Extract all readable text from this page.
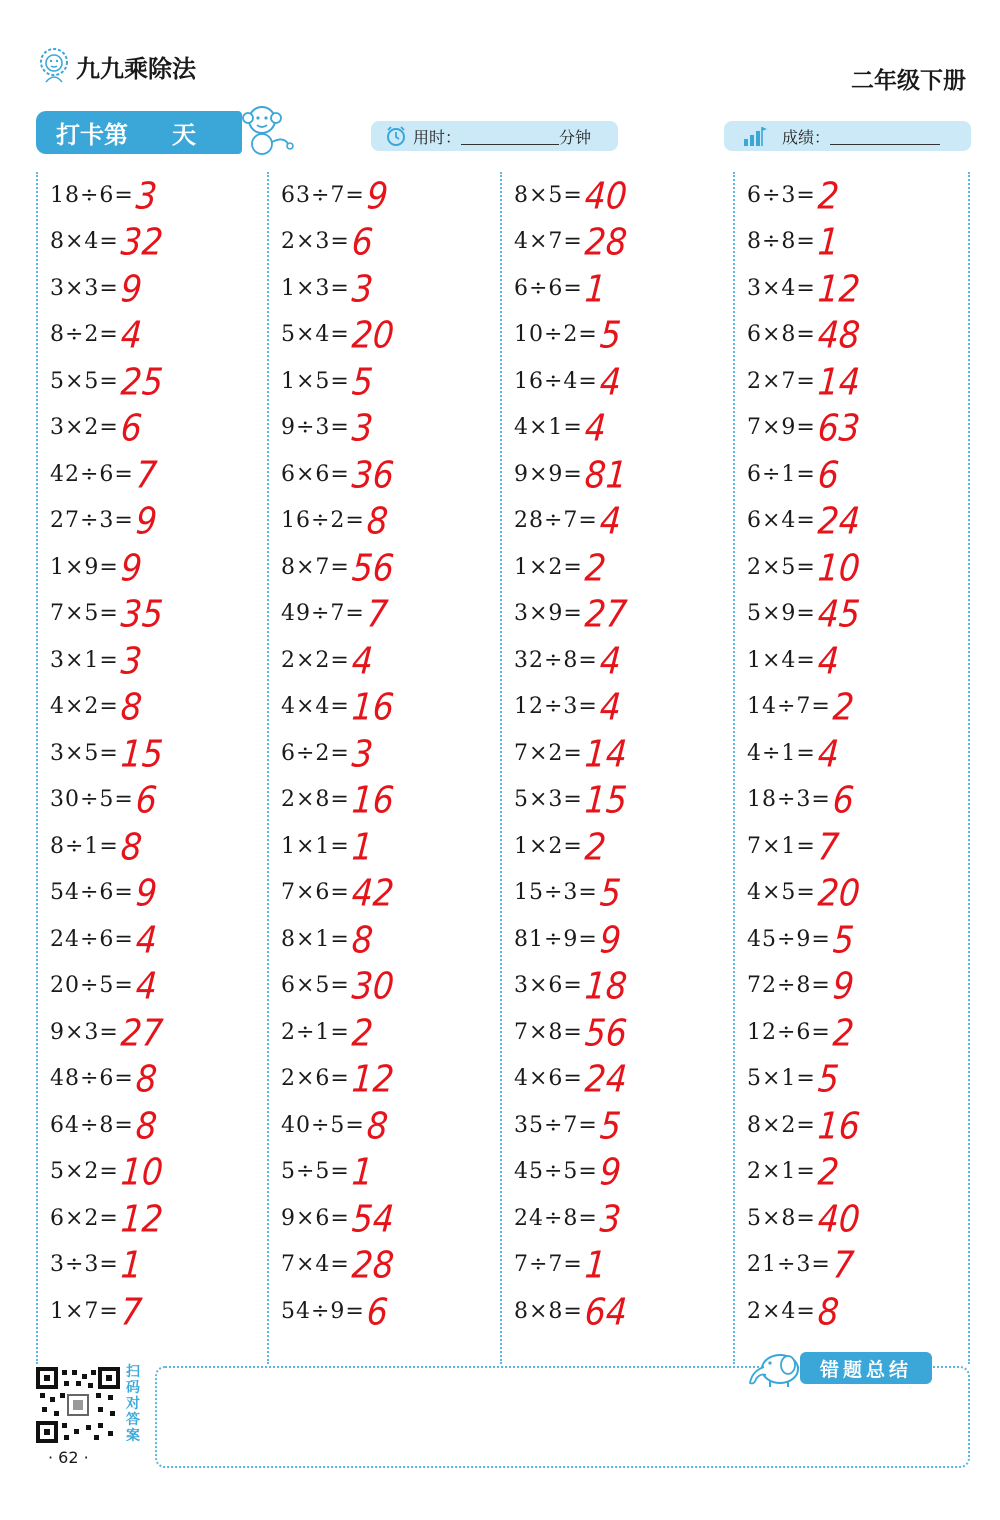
九九乘除法	二年级下册
打卡第 天	用时：	分钟	成绩：
18÷6= 3
8×4= 32
3×3= 9
8÷2= 4
5×5= 25
3×2= 6
42÷6= 7
27÷3= 9
1×9= 9
7×5= 35
3×1= 3
4×2= 8
3×5= 15
30÷5= 6
8÷1= 8
54÷6= 9
24÷6= 4
20÷5= 4
9×3= 27
48÷6= 8
64÷8= 8
5×2= 10
6×2= 12
3÷3= 1
1×7= 7
63÷7= 9
2×3= 6
1×3= 3
5×4= 20
1×5= 5
9÷3= 3
6×6= 36
16÷2= 8
8×7= 56
49÷7= 7
2×2= 4
4×4= 16
6÷2= 3
2×8= 16
1×1= 1
7×6= 42
8×1= 8
6×5= 30
2÷1= 2
2×6= 12
40÷5= 8
5÷5= 1
9×6= 54
7×4= 28
54÷9= 6
8×5= 40
4×7= 28
6÷6= 1
10÷2= 5
16÷4= 4
4×1= 4
9×9= 81
28÷7= 4
1×2= 2
3×9= 27
32÷8= 4
12÷3= 4
7×2= 14
5×3= 15
1×2= 2
15÷3= 5
81÷9= 9
3×6= 18
7×8= 56
4×6= 24
35÷7= 5
45÷5= 9
24÷8= 3
7÷7= 1
8×8= 64
6÷3= 2
8÷8= 1
3×4= 12
6×8= 48
2×7= 14
7×9= 63
6÷1= 6
6×4= 24
2×5= 10
5×9= 45
1×4= 4
14÷7= 2
4÷1= 4
18÷3= 6
7×1= 7
4×5= 20
45÷9= 5
72÷8= 9
12÷6= 2
5×1= 5
8×2= 16
2×1= 2
5×8= 40
21÷3= 7
2×4= 8
扫码对答案
· 62 ·
错题总结
